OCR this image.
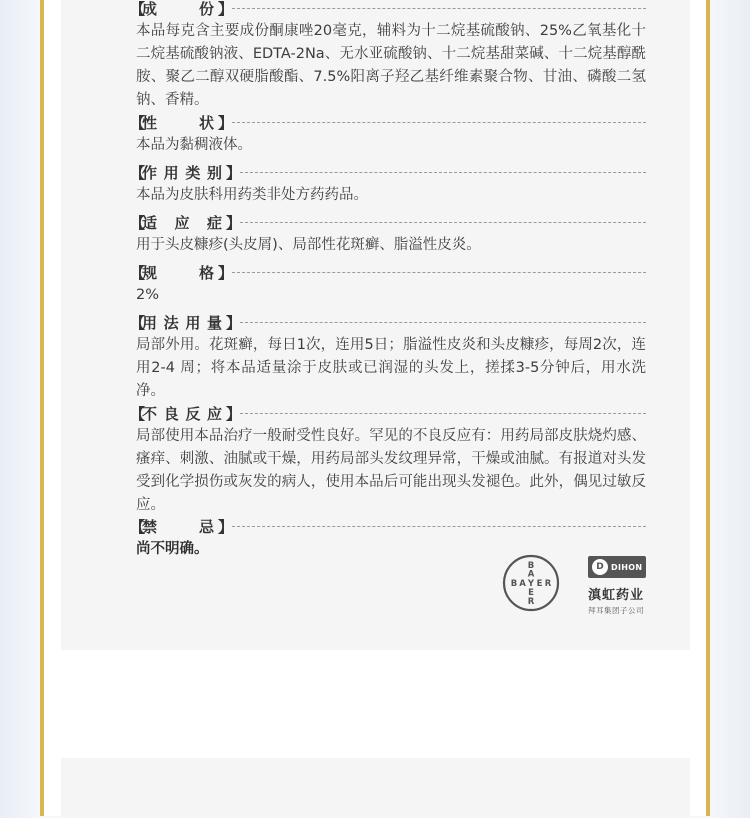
【
成	份 】
本品每克含主要成份酮康唑20毫克，辅料为十二烷基硫酸钠、25%乙氧基化十二烷基硫酸钠液、EDTA-2Na、无水亚硫酸钠、十二烷基甜菜碱、十二烷基醇酰胺、聚乙二醇双硬脂酸酯、7.5%阳离子羟乙基纤维素聚合物、甘油、磷酸二氢钠、香精。
【
性	状 】
本品为黏稠液体。
【
作 用 类 别 】
本品为皮肤科用药类非处方药药品。
【
适 应 症 】
用于头皮糠疹(头皮屑)、局部性花斑癣、脂溢性皮炎。
【
规	格 】
2%
【
用 法 用 量 】
局部外用。花斑癣，每日1次，连用5日；脂溢性皮炎和头皮糠疹，每周2次，连用2-4 周；将本品适量涂于皮肤或已润湿的头发上，搓揉3-5分钟后，用水洗净。
【
不 良 反 应 】
局部使用本品治疗一般耐受性良好。罕见的不良反应有：用药局部皮肤烧灼感、瘙痒、刺激、油腻或干燥，用药局部头发纹理异常，干燥或油腻。有报道对头发受到化学损伤或灰发的病人，使用本品后可能出现头发褪色。此外，偶见过敏反应。
【
禁	忌 】
尚不明确。
B A Y E R
B
A
E
R
D DIHON
滇虹药业
拜耳集团子公司
